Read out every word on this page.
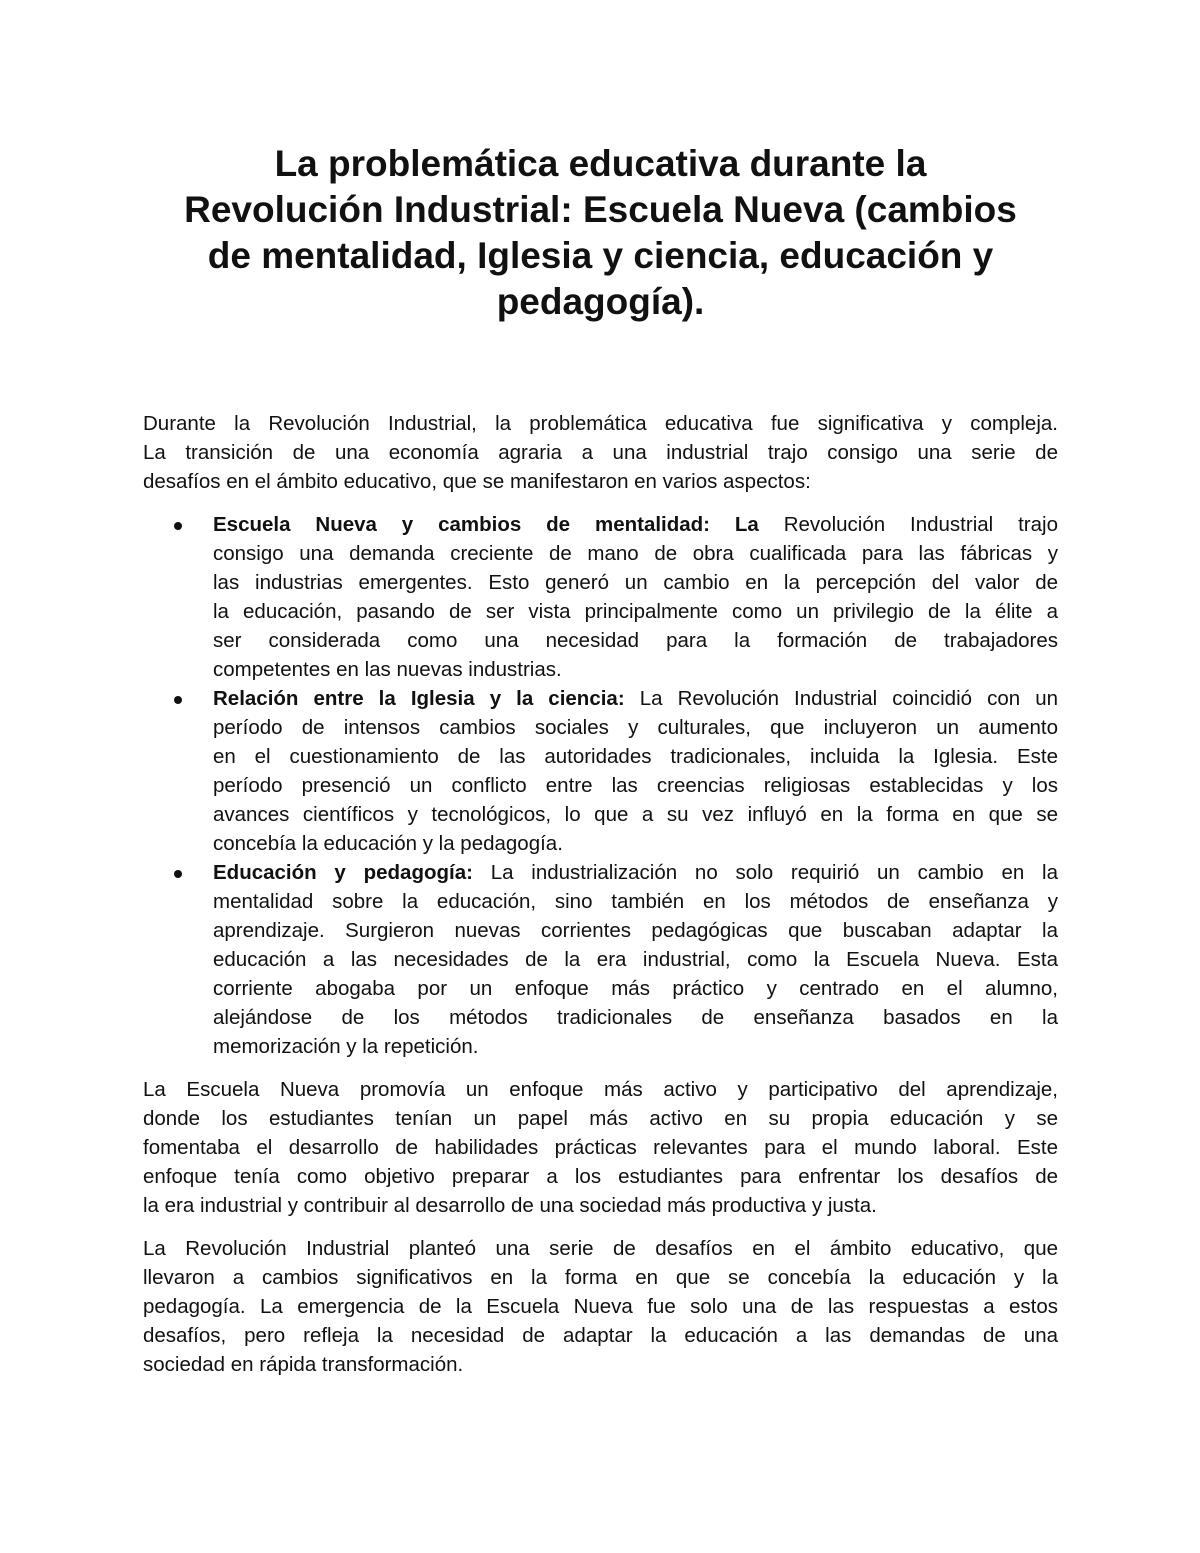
La problemática educativa durante la
Revolución Industrial: Escuela Nueva (cambios
de mentalidad, Iglesia y ciencia, educación y
pedagogía).
Durante la Revolución Industrial, la problemática educativa fue significativa y compleja.
La transición de una economía agraria a una industrial trajo consigo una serie de
desafíos en el ámbito educativo, que se manifestaron en varios aspectos:
Escuela Nueva y cambios de mentalidad: La Revolución Industrial trajo
consigo una demanda creciente de mano de obra cualificada para las fábricas y
las industrias emergentes. Esto generó un cambio en la percepción del valor de
la educación, pasando de ser vista principalmente como un privilegio de la élite a
ser considerada como una necesidad para la formación de trabajadores
competentes en las nuevas industrias.
Relación entre la Iglesia y la ciencia: La Revolución Industrial coincidió con un
período de intensos cambios sociales y culturales, que incluyeron un aumento
en el cuestionamiento de las autoridades tradicionales, incluida la Iglesia. Este
período presenció un conflicto entre las creencias religiosas establecidas y los
avances científicos y tecnológicos, lo que a su vez influyó en la forma en que se
concebía la educación y la pedagogía.
Educación y pedagogía: La industrialización no solo requirió un cambio en la
mentalidad sobre la educación, sino también en los métodos de enseñanza y
aprendizaje. Surgieron nuevas corrientes pedagógicas que buscaban adaptar la
educación a las necesidades de la era industrial, como la Escuela Nueva. Esta
corriente abogaba por un enfoque más práctico y centrado en el alumno,
alejándose de los métodos tradicionales de enseñanza basados en la
memorización y la repetición.
La Escuela Nueva promovía un enfoque más activo y participativo del aprendizaje,
donde los estudiantes tenían un papel más activo en su propia educación y se
fomentaba el desarrollo de habilidades prácticas relevantes para el mundo laboral. Este
enfoque tenía como objetivo preparar a los estudiantes para enfrentar los desafíos de
la era industrial y contribuir al desarrollo de una sociedad más productiva y justa.
La Revolución Industrial planteó una serie de desafíos en el ámbito educativo, que
llevaron a cambios significativos en la forma en que se concebía la educación y la
pedagogía. La emergencia de la Escuela Nueva fue solo una de las respuestas a estos
desafíos, pero refleja la necesidad de adaptar la educación a las demandas de una
sociedad en rápida transformación.
